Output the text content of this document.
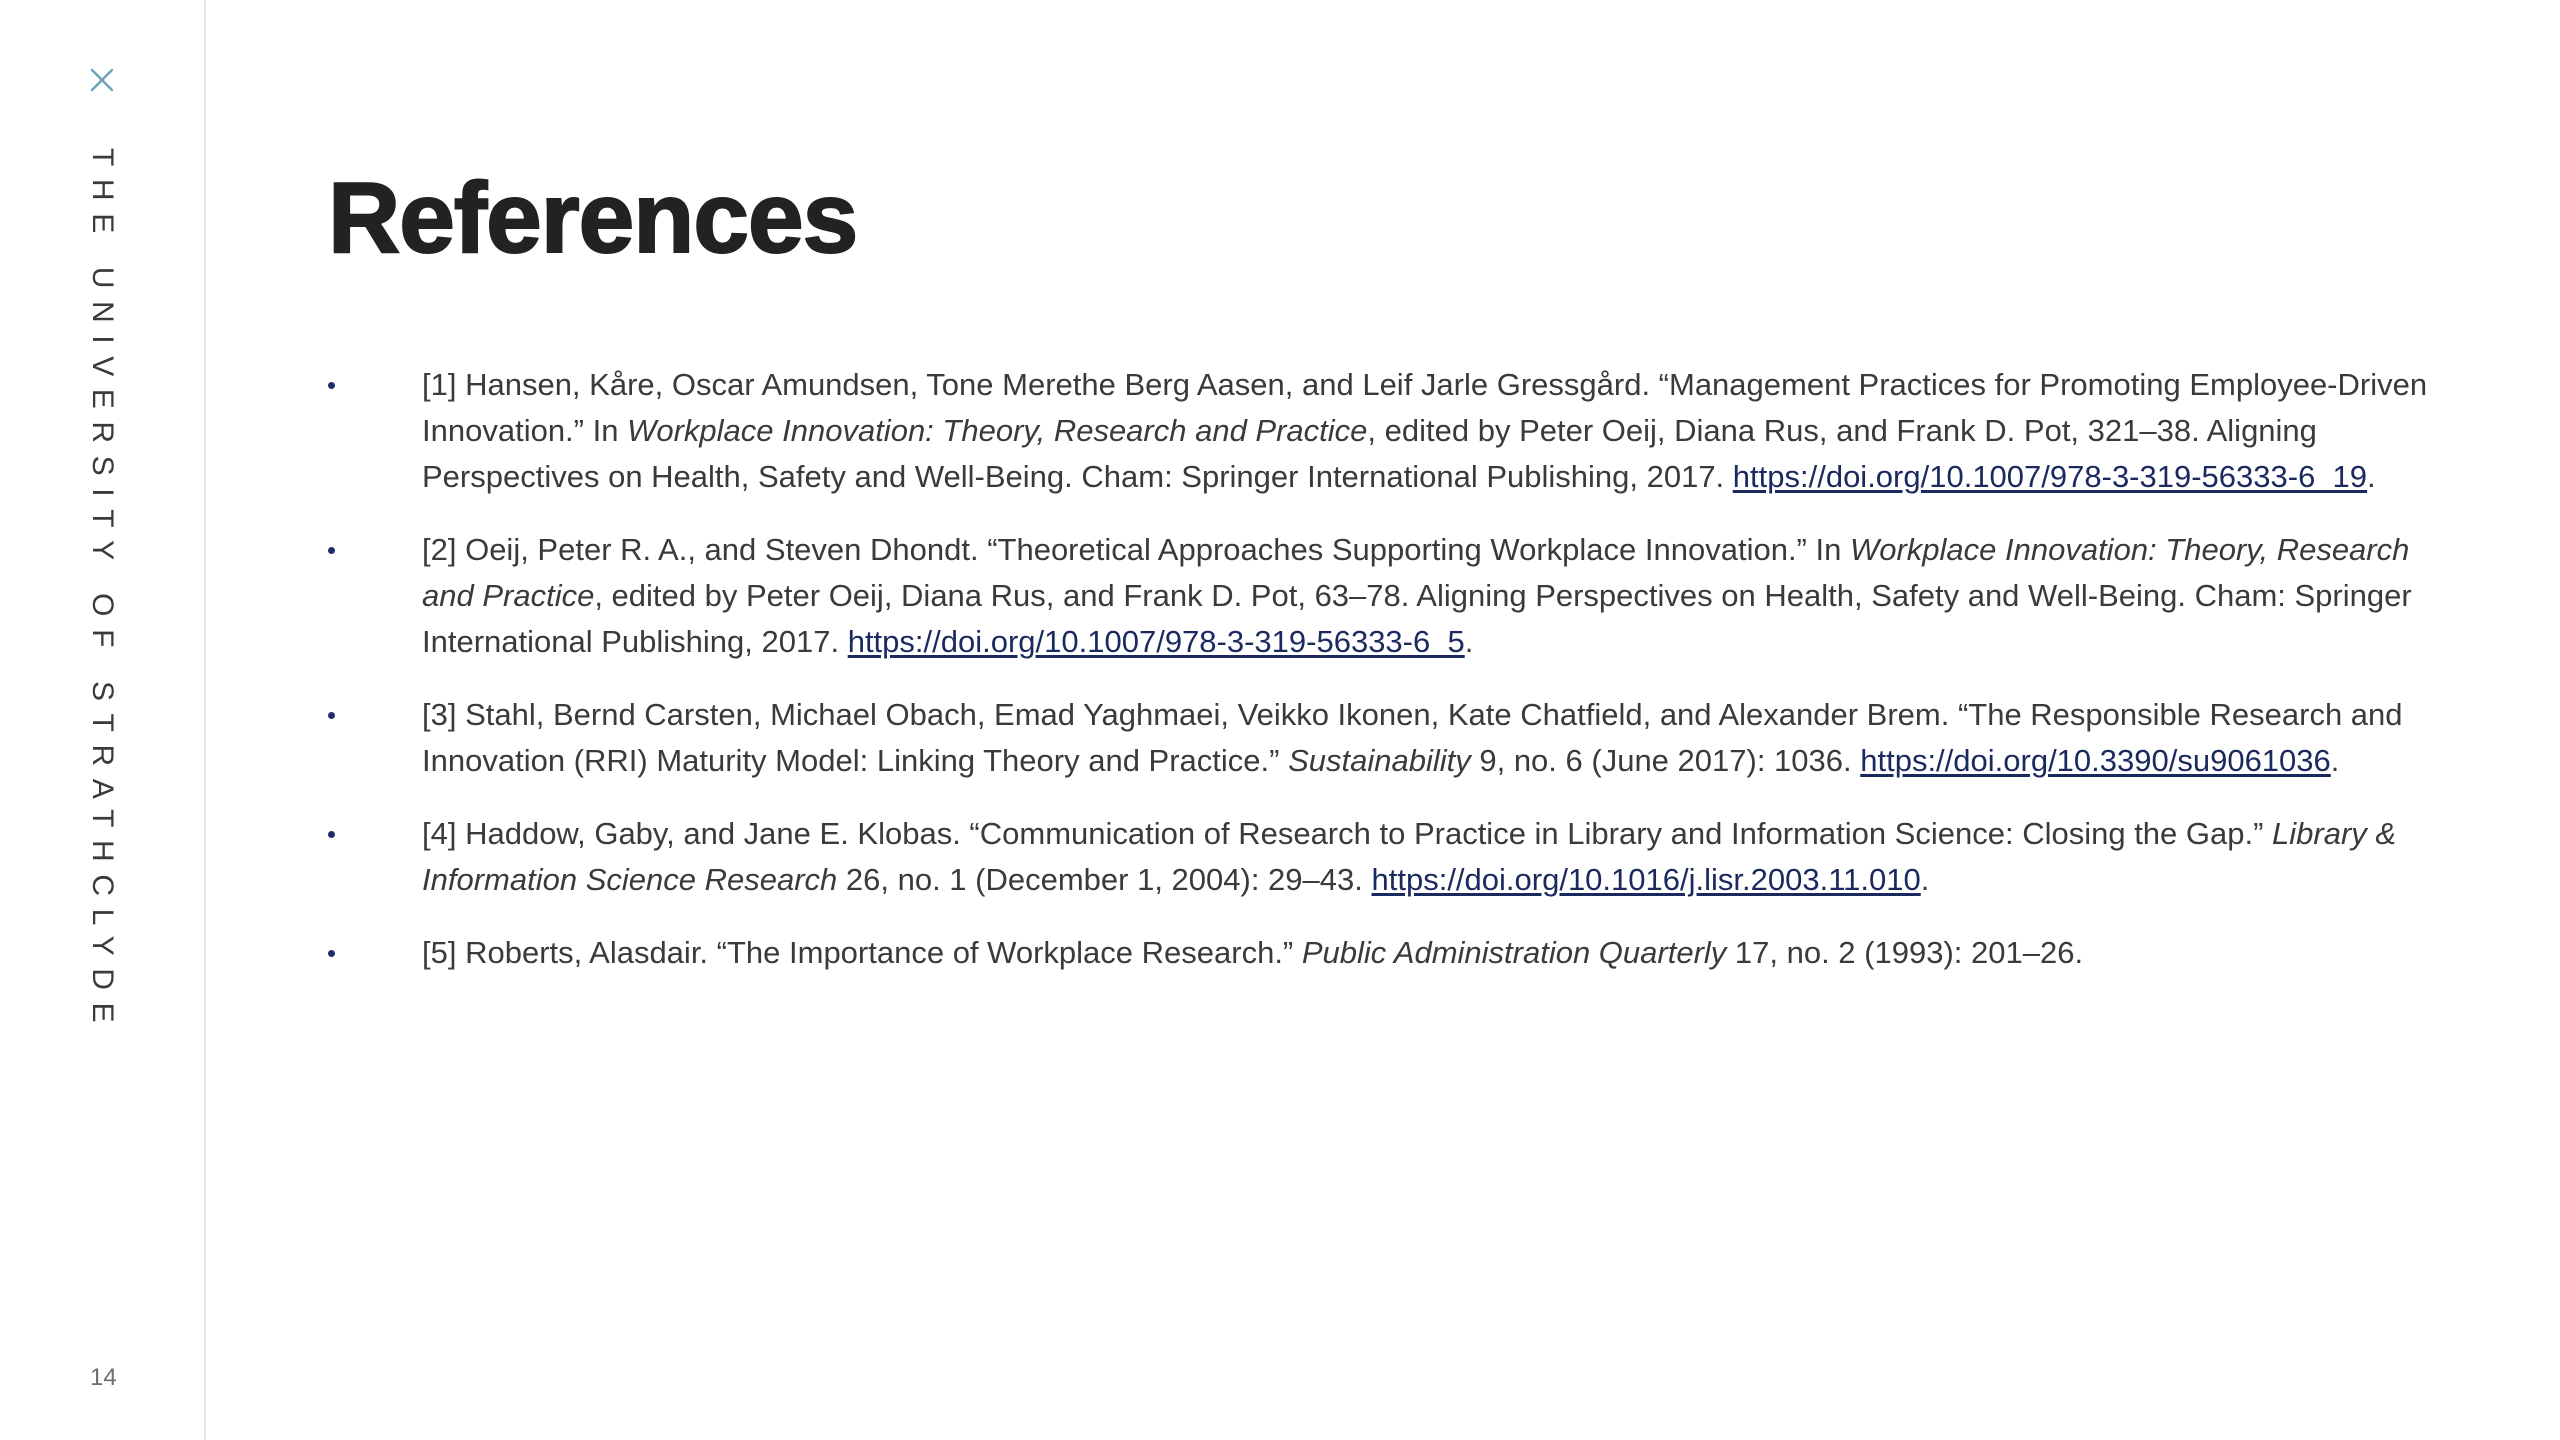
THE UNIVERSITY OF STRATHCLYDE
14
References
[1] Hansen, Kåre, Oscar Amundsen, Tone Merethe Berg Aasen, and Leif Jarle Gressgård. “Management Practices for Promoting Employee-Driven Innovation.” In Workplace Innovation: Theory, Research and Practice, edited by Peter Oeij, Diana Rus, and Frank D. Pot, 321–38. Aligning Perspectives on Health, Safety and Well-Being. Cham: Springer International Publishing, 2017. https://doi.org/10.1007/978-3-319-56333-6_19.
[2] Oeij, Peter R. A., and Steven Dhondt. “Theoretical Approaches Supporting Workplace Innovation.” In Workplace Innovation: Theory, Research and Practice, edited by Peter Oeij, Diana Rus, and Frank D. Pot, 63–78. Aligning Perspectives on Health, Safety and Well-Being. Cham: Springer International Publishing, 2017. https://doi.org/10.1007/978-3-319-56333-6_5.
[3] Stahl, Bernd Carsten, Michael Obach, Emad Yaghmaei, Veikko Ikonen, Kate Chatfield, and Alexander Brem. “The Responsible Research and Innovation (RRI) Maturity Model: Linking Theory and Practice.” Sustainability 9, no. 6 (June 2017): 1036. https://doi.org/10.3390/su9061036.
[4] Haddow, Gaby, and Jane E. Klobas. “Communication of Research to Practice in Library and Information Science: Closing the Gap.” Library & Information Science Research 26, no. 1 (December 1, 2004): 29–43. https://doi.org/10.1016/j.lisr.2003.11.010.
[5] Roberts, Alasdair. “The Importance of Workplace Research.” Public Administration Quarterly 17, no. 2 (1993): 201–26.
